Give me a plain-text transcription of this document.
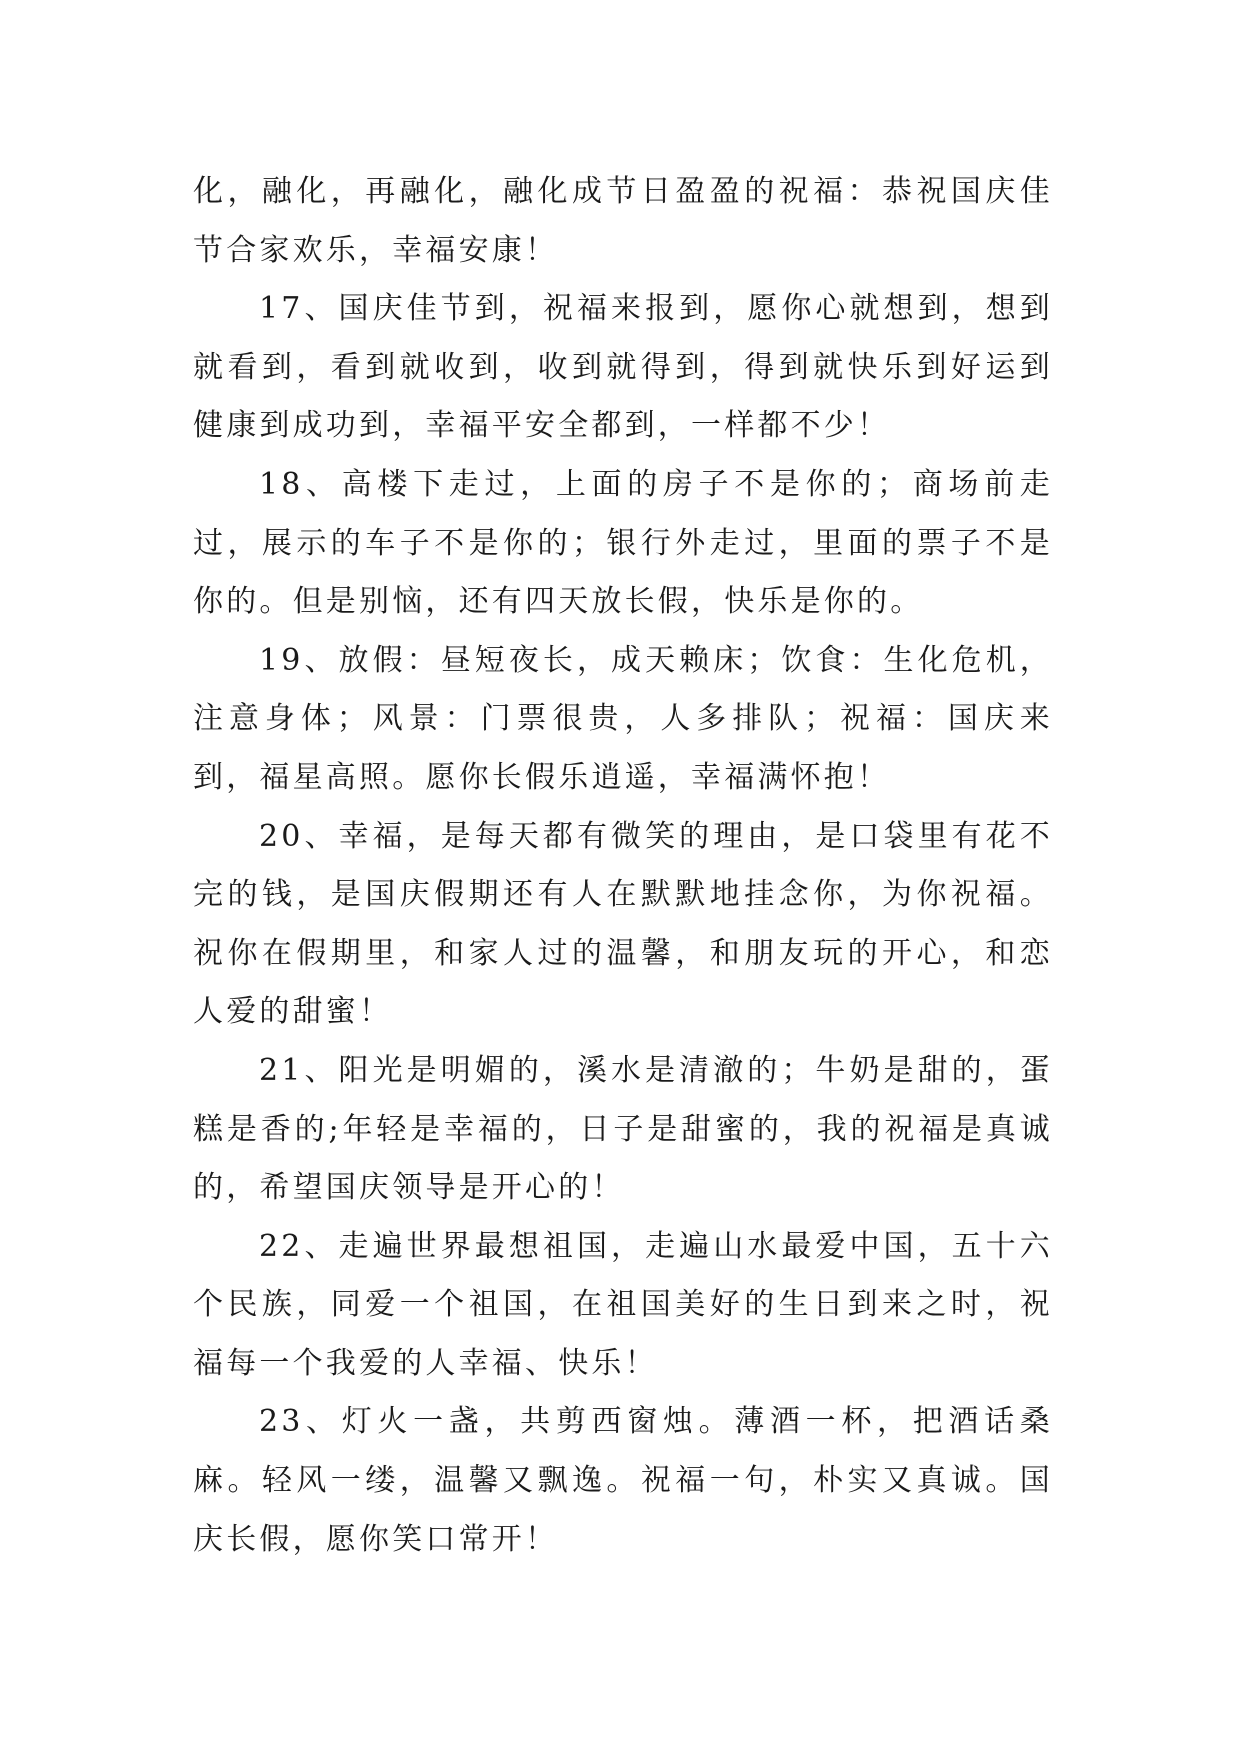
化，融化，再融化，融化成节日盈盈的祝福：恭祝国庆佳节合家欢乐，幸福安康！

17、国庆佳节到，祝福来报到，愿你心就想到，想到就看到，看到就收到，收到就得到，得到就快乐到好运到健康到成功到，幸福平安全都到，一样都不少！

18、高楼下走过，上面的房子不是你的；商场前走过，展示的车子不是你的；银行外走过，里面的票子不是你的。但是别恼，还有四天放长假，快乐是你的。

19、放假：昼短夜长，成天赖床；饮食：生化危机，注意身体；风景：门票很贵，人多排队；祝福：国庆来到，福星高照。愿你长假乐逍遥，幸福满怀抱！

20、幸福，是每天都有微笑的理由，是口袋里有花不完的钱，是国庆假期还有人在默默地挂念你，为你祝福。祝你在假期里，和家人过的温馨，和朋友玩的开心，和恋人爱的甜蜜！

21、阳光是明媚的，溪水是清澈的；牛奶是甜的，蛋糕是香的;年轻是幸福的，日子是甜蜜的，我的祝福是真诚的，希望国庆领导是开心的！

22、走遍世界最想祖国，走遍山水最爱中国，五十六个民族，同爱一个祖国，在祖国美好的生日到来之时，祝福每一个我爱的人幸福、快乐！

23、灯火一盏，共剪西窗烛。薄酒一杯，把酒话桑麻。轻风一缕，温馨又飘逸。祝福一句，朴实又真诚。国庆长假，愿你笑口常开！
